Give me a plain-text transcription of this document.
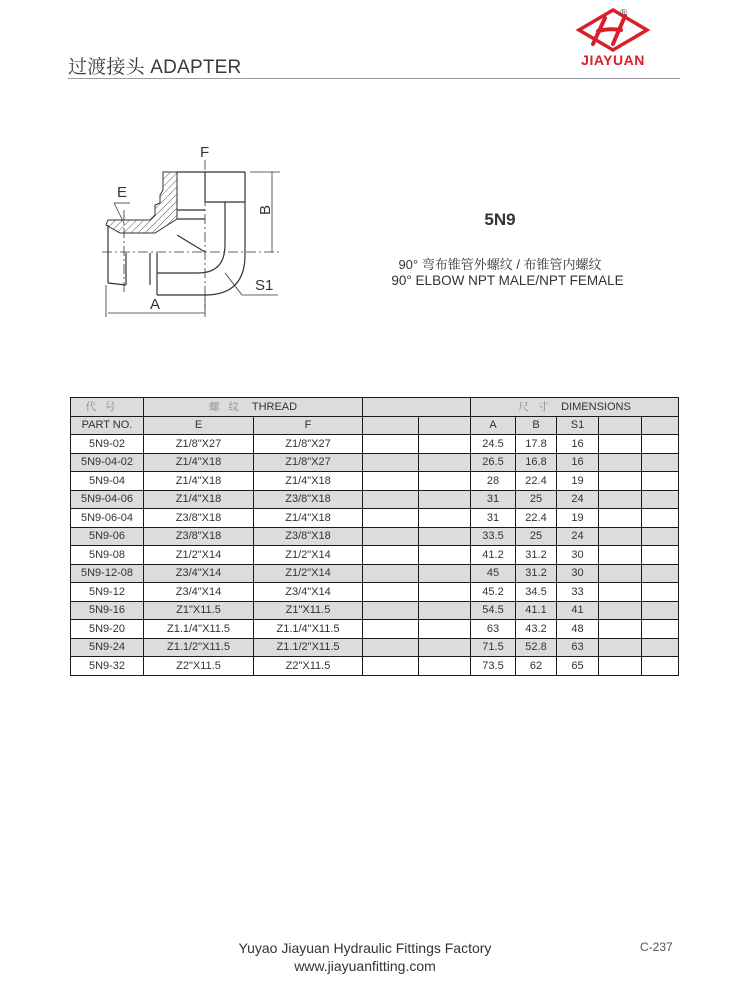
过渡接头 ADAPTER
®
JIAYUAN
F
E
B
A
S1
5N9
90° 弯布锥管外螺纹 / 布锥管内螺纹
90° ELBOW NPT MALE/NPT FEMALE
代 号	螺 纹 THREAD				尺 寸 DIMENSIONS				
PART NO.	E	F			A	B	S1		
5N9-02	Z1/8"X27	Z1/8"X27			24.5	17.8	16		
5N9-04-02	Z1/4"X18	Z1/8"X27			26.5	16.8	16		
5N9-04	Z1/4"X18	Z1/4"X18			28	22.4	19		
5N9-04-06	Z1/4"X18	Z3/8"X18			31	25	24		
5N9-06-04	Z3/8"X18	Z1/4"X18			31	22.4	19		
5N9-06	Z3/8"X18	Z3/8"X18			33.5	25	24		
5N9-08	Z1/2"X14	Z1/2"X14			41.2	31.2	30		
5N9-12-08	Z3/4"X14	Z1/2"X14			45	31.2	30		
5N9-12	Z3/4"X14	Z3/4"X14			45.2	34.5	33		
5N9-16	Z1"X11.5	Z1"X11.5			54.5	41.1	41		
5N9-20	Z1.1/4"X11.5	Z1.1/4"X11.5			63	43.2	48		
5N9-24	Z1.1/2"X11.5	Z1.1/2"X11.5			71.5	52.8	63		
5N9-32	Z2"X11.5	Z2"X11.5			73.5	62	65		
Yuyao Jiayuan Hydraulic Fittings Factory
www.jiayuanfitting.com
C-237
